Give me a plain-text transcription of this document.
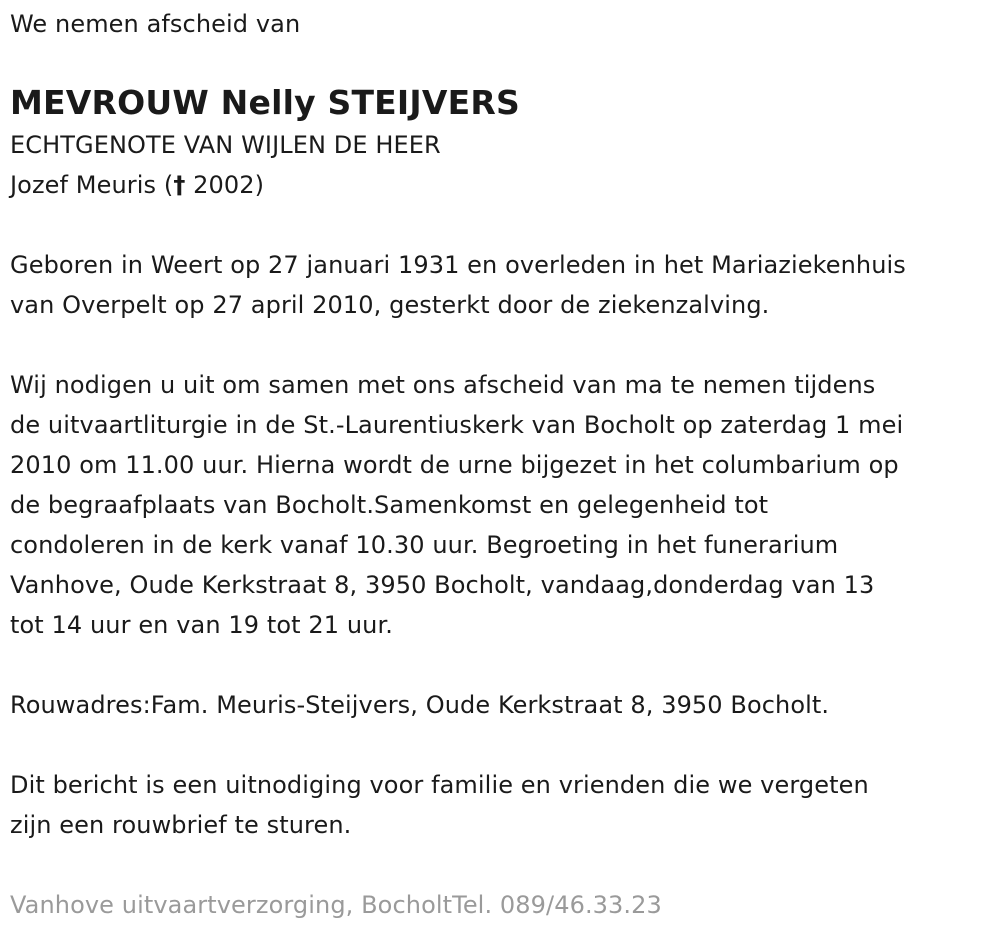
We nemen afscheid van
MEVROUW Nelly STEIJVERS
ECHTGENOTE VAN WIJLEN DE HEER
Jozef Meuris († 2002)
Geboren in Weert op 27 januari 1931 en overleden in het Mariaziekenhuis
van Overpelt op 27 april 2010, gesterkt door de ziekenzalving.
Wij nodigen u uit om samen met ons afscheid van ma te nemen tijdens
de uitvaartliturgie in de St.-Laurentiuskerk van Bocholt op zaterdag 1 mei
2010 om 11.00 uur. Hierna wordt de urne bijgezet in het columbarium op
de begraafplaats van Bocholt.Samenkomst en gelegenheid tot
condoleren in de kerk vanaf 10.30 uur. Begroeting in het funerarium
Vanhove, Oude Kerkstraat 8, 3950 Bocholt, vandaag,donderdag van 13
tot 14 uur en van 19 tot 21 uur.
Rouwadres:Fam. Meuris-Steijvers, Oude Kerkstraat 8, 3950 Bocholt.
Dit bericht is een uitnodiging voor familie en vrienden die we vergeten
zijn een rouwbrief te sturen.
Vanhove uitvaartverzorging, BocholtTel. 089/46.33.23
